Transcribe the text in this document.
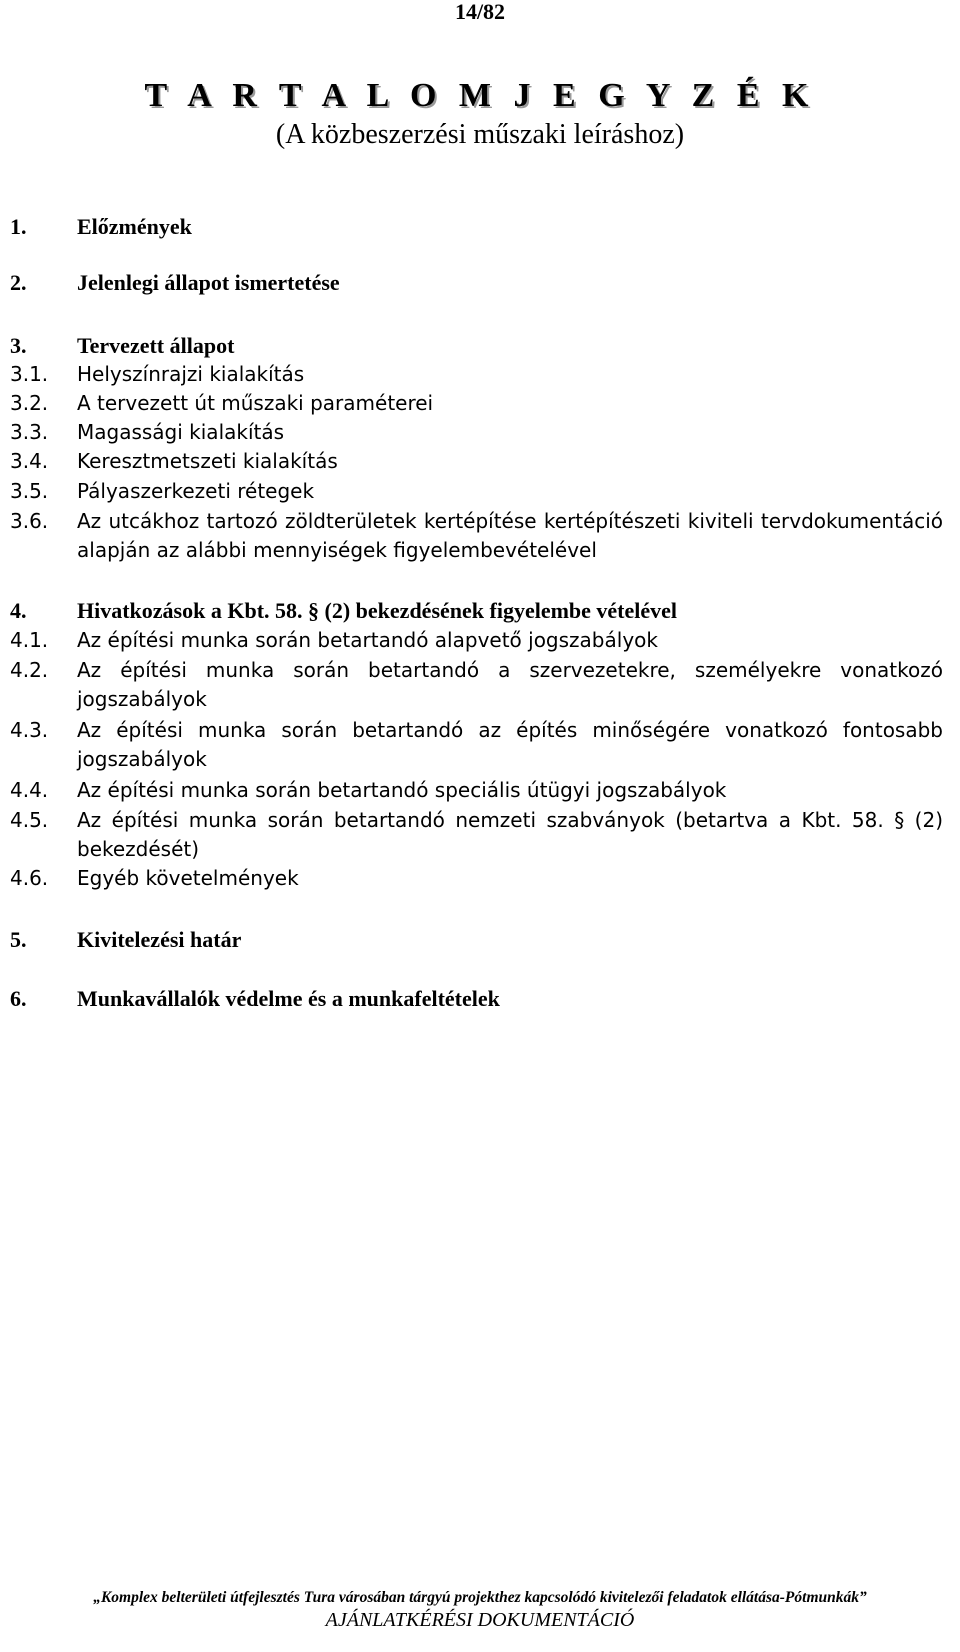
14/82
T A R T A L O M J E G Y Z É K
(A közbeszerzési műszaki leíráshoz)
1. Előzmények
2. Jelenlegi állapot ismertetése
3. Tervezett állapot
3.1. Helyszínrajzi kialakítás
3.2. A tervezett út műszaki paraméterei
3.3. Magassági kialakítás
3.4. Keresztmetszeti kialakítás
3.5. Pályaszerkezeti rétegek
3.6. Az utcákhoz tartozó zöldterületek kertépítése kertépítészeti kiviteli tervdokumentáció alapján az alábbi mennyiségek figyelembevételével
4. Hivatkozások a Kbt. 58. § (2) bekezdésének figyelembe vételével
4.1. Az építési munka során betartandó alapvető jogszabályok
4.2. Az építési munka során betartandó a szervezetekre, személyekre vonatkozó jogszabályok
4.3. Az építési munka során betartandó az építés minőségére vonatkozó fontosabb jogszabályok
4.4. Az építési munka során betartandó speciális útügyi jogszabályok
4.5. Az építési munka során betartandó nemzeti szabványok (betartva a Kbt. 58. § (2) bekezdését)
4.6. Egyéb követelmények
5. Kivitelezési határ
6. Munkavállalók védelme és a munkafeltételek
„Komplex belterületi útfejlesztés Tura városában tárgyú projekthez kapcsolódó kivitelezői feladatok ellátása-Pótmunkák”
AJÁNLATKÉRÉSI DOKUMENTÁCIÓ
